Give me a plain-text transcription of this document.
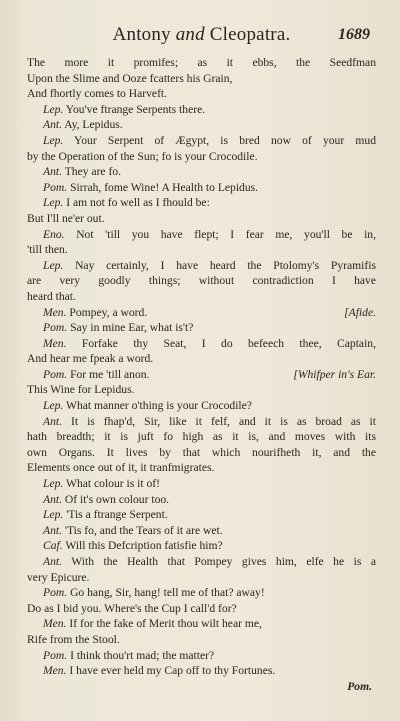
Antony and Cleopatra.	1689
The more it promifes; as it ebbs, the Seedfman
Upon the Slime and Ooze fcatters his Grain,
And fhortly comes to Harveft.
Lep. You've ftrange Serpents there.
Ant. Ay, Lepidus.
Lep. Your Serpent of Ægypt, is bred now of your mud
by the Operation of the Sun; fo is your Crocodile.
Ant. They are fo.
Pom. Sirrah, fome Wine! A Health to Lepidus.
Lep. I am not fo well as I fhould be:
But I'll ne'er out.
Eno. Not 'till you have flept; I fear me, you'll be in,
'till then.
Lep. Nay certainly, I have heard the Ptolomy's Pyramifis
are very goodly things; without contradiction I have
heard that.
Men. Pompey, a word.	[Afide.
Pom. Say in mine Ear, what is't?
Men. Forfake thy Seat, I do befeech thee, Captain,
And hear me fpeak a word.
Pom. For me 'till anon.	[Whifper in's Ear.
This Wine for Lepidus.
Lep. What manner o'thing is your Crocodile?
Ant. It is fhap'd, Sir, like it felf, and it is as broad as it
hath breadth; it is juft fo high as it is, and moves with its
own Organs. It lives by that which nourifheth it, and the
Elements once out of it, it tranfmigrates.
Lep. What colour is it of!
Ant. Of it's own colour too.
Lep. 'Tis a ftrange Serpent.
Ant. 'Tis fo, and the Tears of it are wet.
Caf. Will this Defcription fatisfie him?
Ant. With the Health that Pompey gives him, elfe he is a
very Epicure.
Pom. Go hang, Sir, hang! tell me of that? away!
Do as I bid you. Where's the Cup I call'd for?
Men. If for the fake of Merit thou wilt hear me,
Rife from the Stool.
Pom. I think thou'rt mad; the matter?
Men. I have ever held my Cap off to thy Fortunes.
Pom.
